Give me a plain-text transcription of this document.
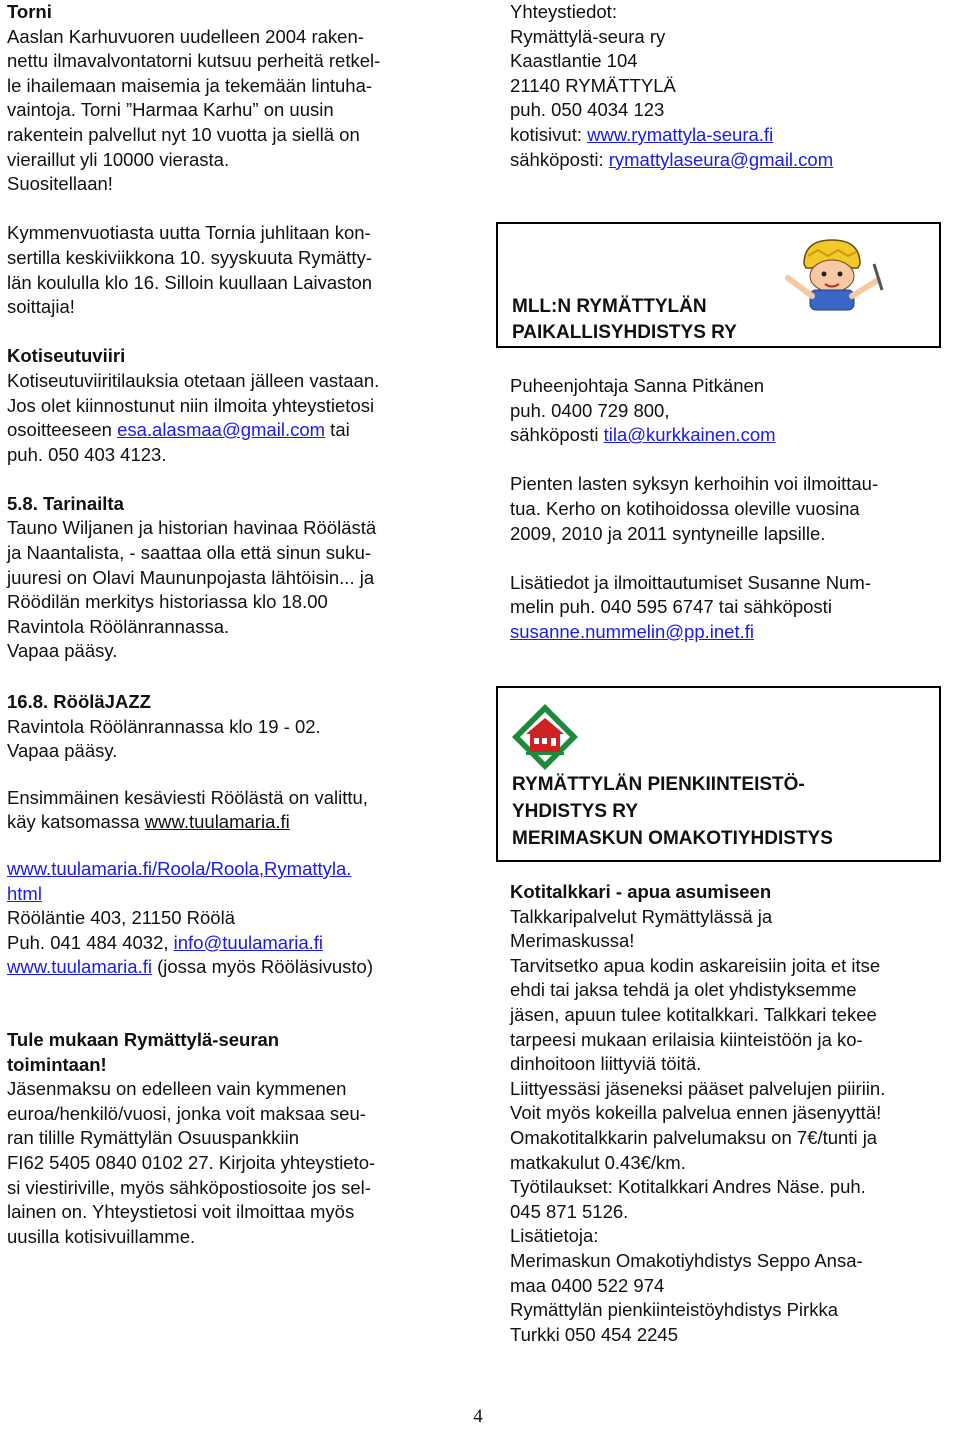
Torni
Aaslan Karhuvuoren uudelleen 2004 raken-
nettu ilmavalvontatorni kutsuu perheitä retkel-
le ihailemaan maisemia ja tekemään lintuha-
vaintoja. Torni ”Harmaa Karhu” on uusin
rakentein palvellut nyt 10 vuotta ja siellä on
vieraillut yli 10000 vierasta.
Suositellaan!
Kymmenvuotiasta uutta Tornia juhlitaan kon-
sertilla keskiviikkona 10. syyskuuta Rymätty-
län koululla klo 16. Silloin kuullaan Laivaston
soittajia!
Kotiseutuviiri
Kotiseutuviiritilauksia otetaan jälleen vastaan.
Jos olet kiinnostunut niin ilmoita yhteystietosi
osoitteeseen esa.alasmaa@gmail.com tai
puh. 050 403 4123.
5.8. Tarinailta
Tauno Wiljanen ja historian havinaa Röölästä
ja Naantalista, - saattaa olla että sinun suku-
juuresi on Olavi Maununpojasta lähtöisin... ja
Röödilän merkitys historiassa klo 18.00
Ravintola Röölänrannassa.
Vapaa pääsy.
16.8. RööläJAZZ
Ravintola Röölänrannassa klo 19 - 02.
Vapaa pääsy.
Ensimmäinen kesäviesti Röölästä on valittu,
käy katsomassa www.tuulamaria.fi
www.tuulamaria.fi/Roola/Roola,Rymattyla.
html
Rööläntie 403, 21150 Röölä
Puh. 041 484 4032, info@tuulamaria.fi
www.tuulamaria.fi (jossa myös Rööläsivusto)
Tule mukaan Rymättylä-seuran
toimintaan!
Jäsenmaksu on edelleen vain kymmenen
euroa/henkilö/vuosi, jonka voit maksaa seu-
ran tilille Rymättylän Osuuspankkiin
FI62 5405 0840 0102 27. Kirjoita yhteystieto-
si viestiriville, myös sähköpostiosoite jos sel-
lainen on. Yhteystietosi voit ilmoittaa myös
uusilla kotisivuillamme.
Yhteystiedot:
Rymättylä-seura ry
Kaastlantie 104
21140 RYMÄTTYLÄ
puh. 050 4034 123
kotisivut: www.rymattyla-seura.fi
sähköposti: rymattylaseura@gmail.com
MLL:N RYMÄTTYLÄN
PAIKALLISYHDISTYS RY
Puheenjohtaja Sanna Pitkänen
puh. 0400 729 800,
sähköposti tila@kurkkainen.com
Pienten lasten syksyn kerhoihin voi ilmoittau-
tua. Kerho on kotihoidossa oleville vuosina
2009, 2010 ja 2011 syntyneille lapsille.
Lisätiedot ja ilmoittautumiset Susanne Num-
melin puh. 040 595 6747 tai sähköposti
susanne.nummelin@pp.inet.fi
RYMÄTTYLÄN PIENKIINTEISTÖ-
YHDISTYS RY
MERIMASKUN OMAKOTIYHDISTYS
Kotitalkkari - apua asumiseen
Talkkaripalvelut Rymättylässä ja
Merimaskussa!
Tarvitsetko apua kodin askareisiin joita et itse
ehdi tai jaksa tehdä ja olet yhdistyksemme
jäsen, apuun tulee kotitalkkari. Talkkari tekee
tarpeesi mukaan erilaisia kiinteistöön ja ko-
dinhoitoon liittyviä töitä.
Liittyessäsi jäseneksi pääset palvelujen piiriin.
Voit myös kokeilla palvelua ennen jäsenyyttä!
Omakotitalkkarin palvelumaksu on 7€/tunti ja
matkakulut 0.43€/km.
Työtilaukset: Kotitalkkari Andres Näse. puh.
045 871 5126.
Lisätietoja:
Merimaskun Omakotiyhdistys Seppo Ansa-
maa 0400 522 974
Rymättylän pienkiinteistöyhdistys Pirkka
Turkki 050 454 2245
4
